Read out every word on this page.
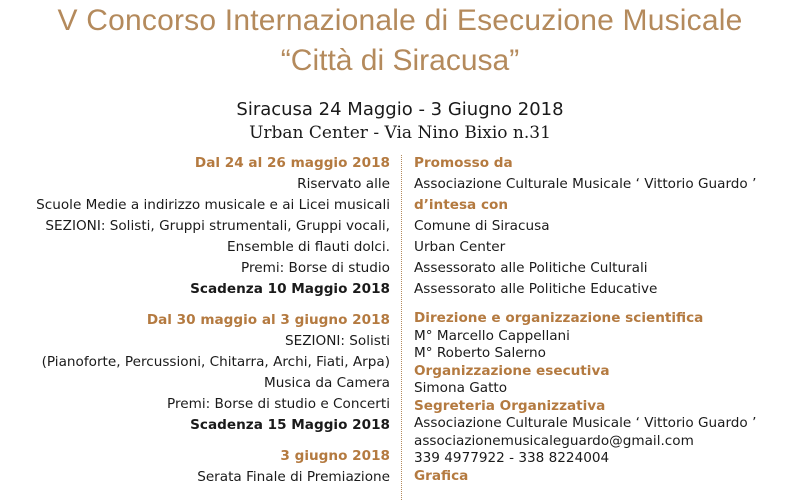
V Concorso Internazionale di Esecuzione Musicale
“Città di Siracusa”
Siracusa 24 Maggio - 3 Giugno 2018
Urban Center - Via Nino Bixio n.31
Dal 24 al 26 maggio 2018
Riservato alle
Scuole Medie a indirizzo musicale e ai Licei musicali
SEZIONI: Solisti, Gruppi strumentali, Gruppi vocali,
Ensemble di flauti dolci.
Premi: Borse di studio
Scadenza 10 Maggio 2018
Dal 30 maggio al 3 giugno 2018
SEZIONI: Solisti
(Pianoforte, Percussioni, Chitarra, Archi, Fiati, Arpa)
Musica da Camera
Premi: Borse di studio e Concerti
Scadenza 15 Maggio 2018
3 giugno 2018
Serata Finale di Premiazione
Promosso da
Associazione Culturale Musicale ‘ Vittorio Guardo ’
d’intesa con
Comune di Siracusa
Urban Center
Assessorato alle Politiche Culturali
Assessorato alle Politiche Educative
Direzione e organizzazione scientifica
M° Marcello Cappellani
M° Roberto Salerno
Organizzazione esecutiva
Simona Gatto
Segreteria Organizzativa
Associazione Culturale Musicale ‘ Vittorio Guardo ’
associazionemusicaleguardo@gmail.com
339 4977922 - 338 8224004
Grafica
